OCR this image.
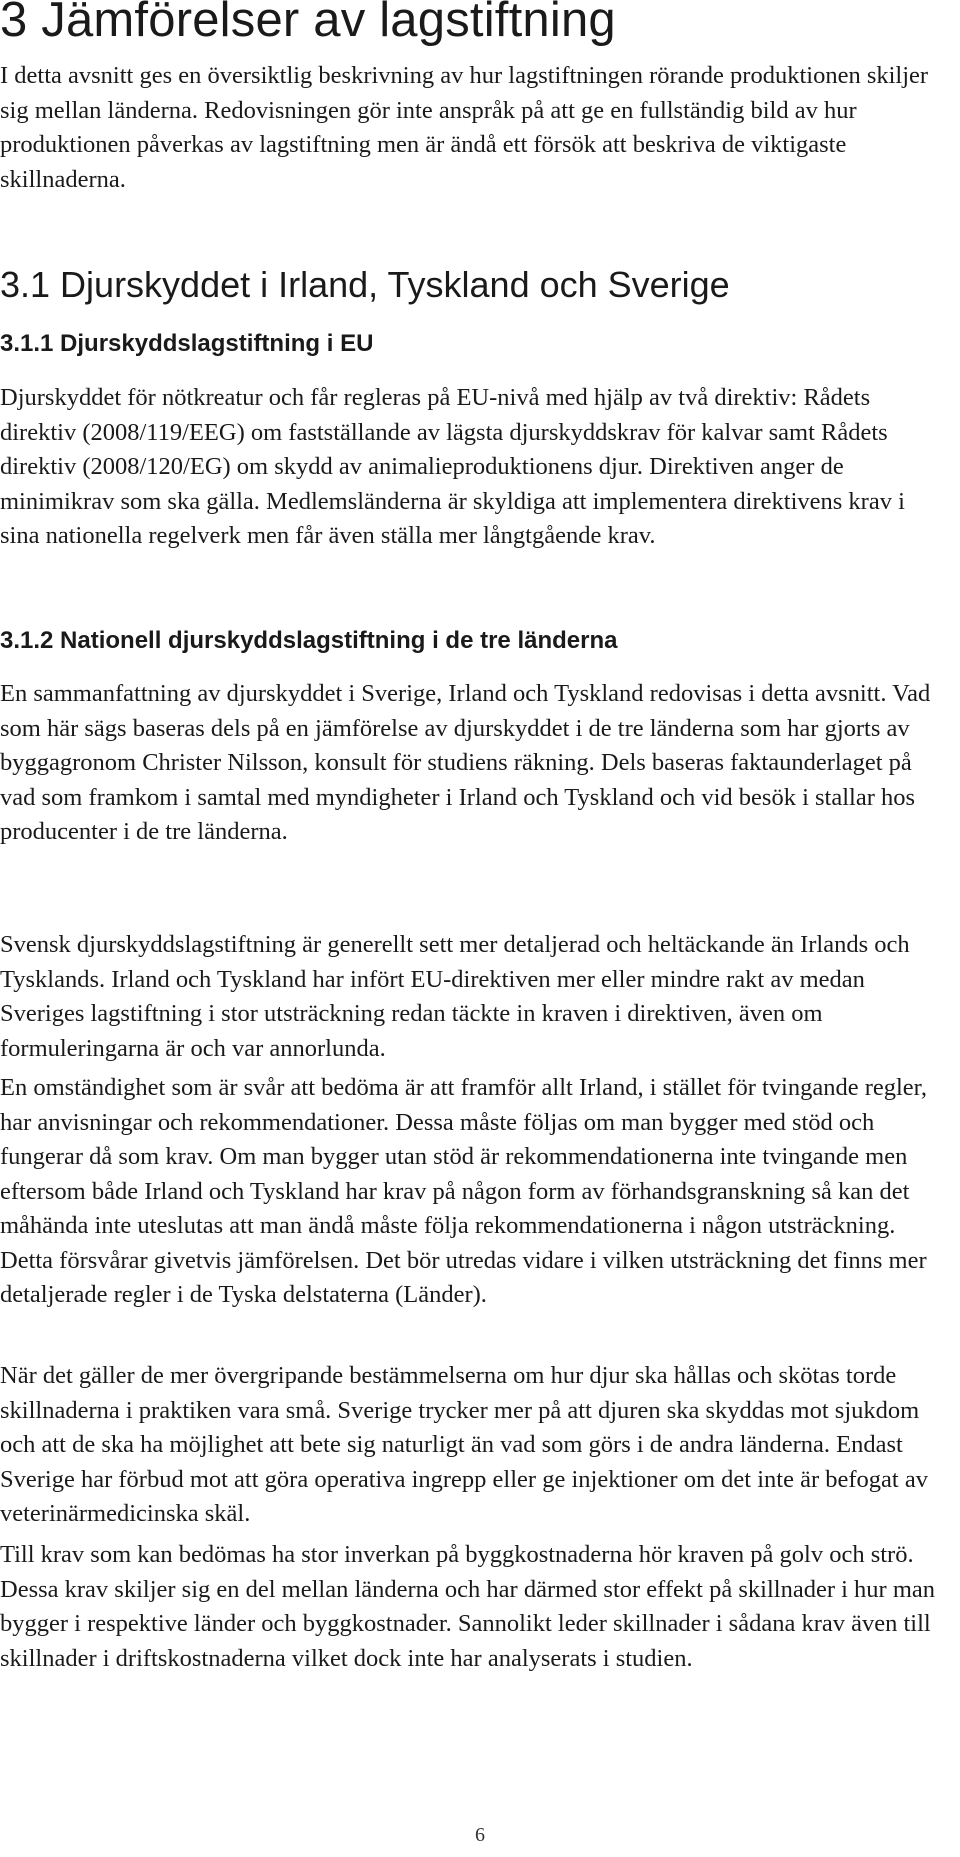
3 Jämförelser av lagstiftning

I detta avsnitt ges en översiktlig beskrivning av hur lagstiftningen rörande produktionen skiljer sig mellan länderna. Redovisningen gör inte anspråk på att ge en fullständig bild av hur produktionen påverkas av lagstiftning men är ändå ett försök att beskriva de viktigaste skillnaderna.

3.1 Djurskyddet i Irland, Tyskland och Sverige
3.1.1 Djurskyddslagstiftning i EU

Djurskyddet för nötkreatur och får regleras på EU-nivå med hjälp av två direktiv: Rådets direktiv (2008/119/EEG) om fastställande av lägsta djurskyddskrav för kalvar samt Rådets direktiv (2008/120/EG) om skydd av animalieproduktionens djur. Direktiven anger de minimikrav som ska gälla. Medlemsländerna är skyldiga att implementera direktivens krav i sina nationella regelverk men får även ställa mer långtgående krav.

3.1.2 Nationell djurskyddslagstiftning i de tre länderna

En sammanfattning av djurskyddet i Sverige, Irland och Tyskland redovisas i detta avsnitt. Vad som här sägs baseras dels på en jämförelse av djurskyddet i de tre länderna som har gjorts av byggagronom Christer Nilsson, konsult för studiens räkning. Dels baseras faktaunderlaget på vad som framkom i samtal med myndigheter i Irland och Tyskland och vid besök i stallar hos producenter i de tre länderna.

Svensk djurskyddslagstiftning är generellt sett mer detaljerad och heltäckande än Irlands och Tysklands. Irland och Tyskland har infört EU-direktiven mer eller mindre rakt av medan Sveriges lagstiftning i stor utsträckning redan täckte in kraven i direktiven, även om formuleringarna är och var annorlunda.

En omständighet som är svår att bedöma är att framför allt Irland, i stället för tvingande regler, har anvisningar och rekommendationer. Dessa måste följas om man bygger med stöd och fungerar då som krav. Om man bygger utan stöd är rekommendationerna inte tvingande men eftersom både Irland och Tyskland har krav på någon form av förhandsgranskning så kan det måhända inte uteslutas att man ändå måste följa rekommendationerna i någon utsträckning. Detta försvårar givetvis jämförelsen. Det bör utredas vidare i vilken utsträckning det finns mer detaljerade regler i de Tyska delstaterna (Länder).

När det gäller de mer övergripande bestämmelserna om hur djur ska hållas och skötas torde skillnaderna i praktiken vara små. Sverige trycker mer på att djuren ska skyddas mot sjukdom och att de ska ha möjlighet att bete sig naturligt än vad som görs i de andra länderna. Endast Sverige har förbud mot att göra operativa ingrepp eller ge injektioner om det inte är befogat av veterinärmedicinska skäl.

Till krav som kan bedömas ha stor inverkan på byggkostnaderna hör kraven på golv och strö. Dessa krav skiljer sig en del mellan länderna och har därmed stor effekt på skillnader i hur man bygger i respektive länder och byggkostnader. Sannolikt leder skillnader i sådana krav även till skillnader i driftskostnaderna vilket dock inte har analyserats i studien.

6
